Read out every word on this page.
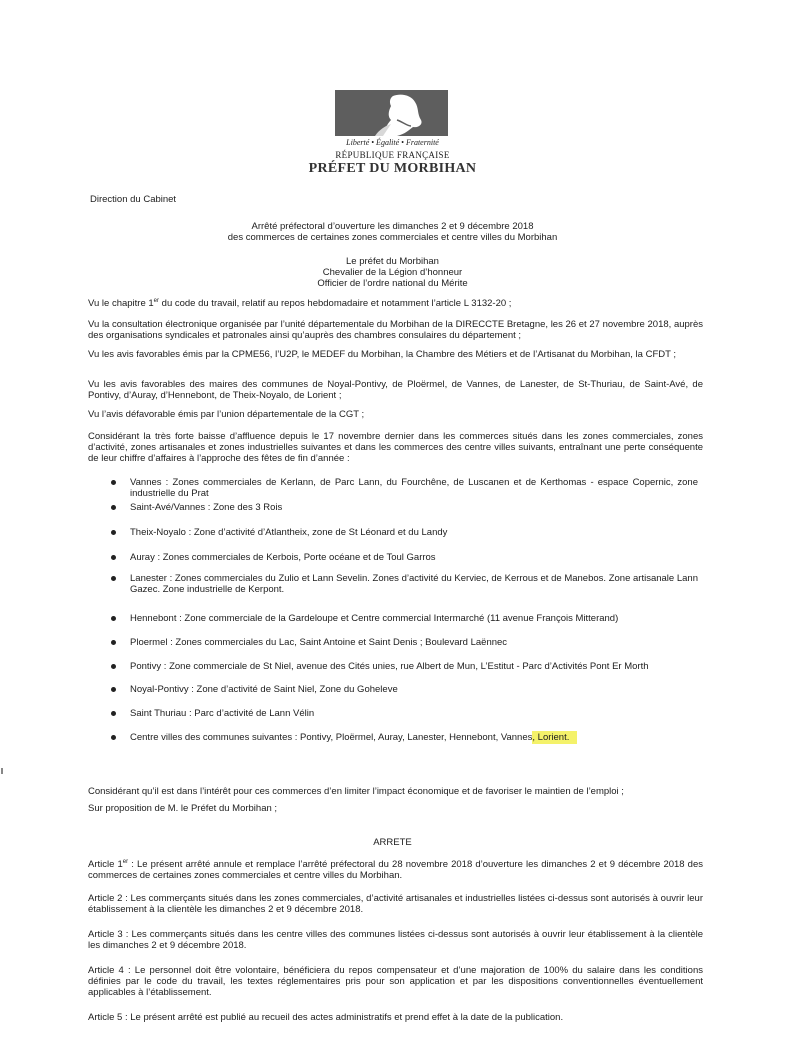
Liberté • Égalité • Fraternité
RÉPUBLIQUE FRANÇAISE
PRÉFET DU MORBIHAN
Direction du Cabinet
Arrêté préfectoral d’ouverture les dimanches 2 et 9 décembre 2018
des commerces de certaines zones commerciales et centre villes du Morbihan
Le préfet du Morbihan
Chevalier de la Légion d’honneur
Officier de l’ordre national du Mérite
Vu le chapitre 1er du code du travail, relatif au repos hebdomadaire et notamment l’article L 3132-20 ;
Vu la consultation électronique organisée par l’unité départementale du Morbihan de la DIRECCTE Bretagne, les 26 et 27 novembre 2018, auprès des organisations syndicales et patronales ainsi qu’auprès des chambres consulaires du département ;
Vu les avis favorables émis par la CPME56, l’U2P, le MEDEF du Morbihan, la Chambre des Métiers et de l’Artisanat du Morbihan, la CFDT ;
Vu les avis favorables des maires des communes de Noyal-Pontivy, de Ploërmel, de Vannes, de Lanester, de St-Thuriau, de Saint-Avé, de Pontivy, d’Auray, d’Hennebont, de Theix-Noyalo, de Lorient ;
Vu l’avis défavorable émis par l’union départementale de la CGT ;
Considérant la très forte baisse d’affluence depuis le 17 novembre dernier dans les commerces situés dans les zones commerciales, zones d’activité, zones artisanales et zones industrielles suivantes et dans les commerces des centre villes suivants, entraînant une perte conséquente de leur chiffre d’affaires à l’approche des fêtes de fin d’année :
Vannes : Zones commerciales de Kerlann, de Parc Lann, du Fourchêne, de Luscanen et de Kerthomas - espace Copernic, zone industrielle du Prat
Saint-Avé/Vannes : Zone des 3 Rois
Theix-Noyalo : Zone d’activité d’Atlantheix, zone de St Léonard et du Landy
Auray : Zones commerciales de Kerbois, Porte océane et de Toul Garros
Lanester : Zones commerciales du Zulio et Lann Sevelin. Zones d’activité du Kerviec, de Kerrous et de Manebos. Zone artisanale Lann Gazec. Zone industrielle de Kerpont.
Hennebont : Zone commerciale de la Gardeloupe et Centre commercial Intermarché (11 avenue François Mitterand)
Ploermel : Zones commerciales du Lac, Saint Antoine et Saint Denis ; Boulevard Laënnec
Pontivy : Zone commerciale de St Niel, avenue des Cités unies, rue Albert de Mun, L’Estitut - Parc d’Activités Pont Er Morth
Noyal-Pontivy : Zone d’activité de Saint Niel, Zone du Goheleve
Saint Thuriau : Parc d’activité de Lann Vélin
Centre villes des communes suivantes : Pontivy, Ploërmel, Auray, Lanester, Hennebont, Vannes, Lorient.
Considérant qu’il est dans l’intérêt pour ces commerces d’en limiter l’impact économique et de favoriser le maintien de l’emploi ;
Sur proposition de M. le Préfet du Morbihan ;
ARRETE
Article 1er : Le présent arrêté annule et remplace l’arrêté préfectoral du 28 novembre 2018 d’ouverture les dimanches 2 et 9 décembre 2018 des commerces de certaines zones commerciales et centre villes du Morbihan.
Article 2 : Les commerçants situés dans les zones commerciales, d’activité artisanales et industrielles listées ci-dessus sont autorisés à ouvrir leur établissement à la clientèle les dimanches 2 et 9 décembre 2018.
Article 3 : Les commerçants situés dans les centre villes des communes listées ci-dessus sont autorisés à ouvrir leur établissement à la clientèle les dimanches 2 et 9 décembre 2018.
Article 4 : Le personnel doit être volontaire, bénéficiera du repos compensateur et d’une majoration de 100% du salaire dans les conditions définies par le code du travail, les textes réglementaires pris pour son application et par les dispositions conventionnelles éventuellement applicables à l’établissement.
Article 5 : Le présent arrêté est publié au recueil des actes administratifs et prend effet à la date de la publication.
